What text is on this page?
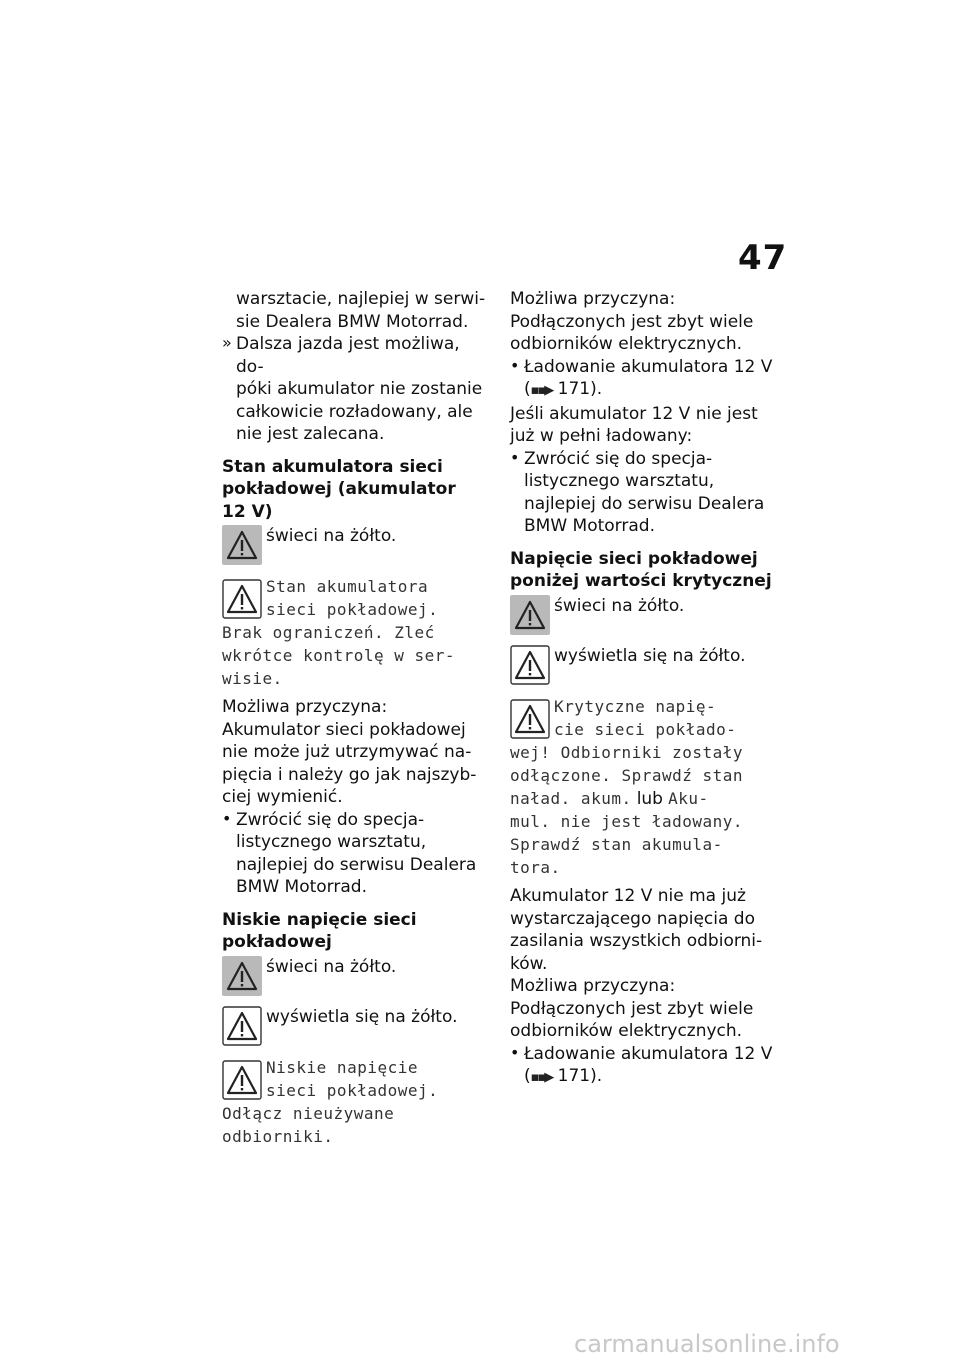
47

warsztacie, najlepiej w serwi-

sie Dealera BMW Motorrad.

» Dalsza jazda jest możliwa, do-

póki akumulator nie zostanie

całkowicie rozładowany, ale

nie jest zalecana.

Stan akumulatora sieci
pokładowej (akumulator
12 V)
świeci na żółto.
Stan akumulatora
sieci pokładowej.
Brak ograniczeń. Zleć
wkrótce kontrolę w ser-
wisie.

Możliwa przyczyna:

Akumulator sieci pokładowej

nie może już utrzymywać na-

pięcia i należy go jak najszyb-

ciej wymienić.

• Zwrócić się do specja-

listycznego warsztatu,

najlepiej do serwisu Dealera

BMW Motorrad.

Niskie napięcie sieci
pokładowej
świeci na żółto.
wyświetla się na żółto.
Niskie napięcie
sieci pokładowej.
Odłącz nieużywane
odbiorniki.

Możliwa przyczyna:

Podłączonych jest zbyt wiele

odbiorników elektrycznych.

• Ładowanie akumulatora 12 V

(▪▪▶ 171).

Jeśli akumulator 12 V nie jest

już w pełni ładowany:

• Zwrócić się do specja-

listycznego warsztatu,

najlepiej do serwisu Dealera

BMW Motorrad.

Napięcie sieci pokładowej
poniżej wartości krytycznej
świeci na żółto.
wyświetla się na żółto.
Krytyczne napię-
cie sieci pokłado-
wej! Odbiorniki zostały
odłączone. Sprawdź stan
naład. akum. lub Aku-
mul. nie jest ładowany.
Sprawdź stan akumula-
tora.

Akumulator 12 V nie ma już

wystarczającego napięcia do

zasilania wszystkich odbiorni-

ków.

Możliwa przyczyna:

Podłączonych jest zbyt wiele

odbiorników elektrycznych.

• Ładowanie akumulatora 12 V

(▪▪▶ 171).

carmanualsonline.info
